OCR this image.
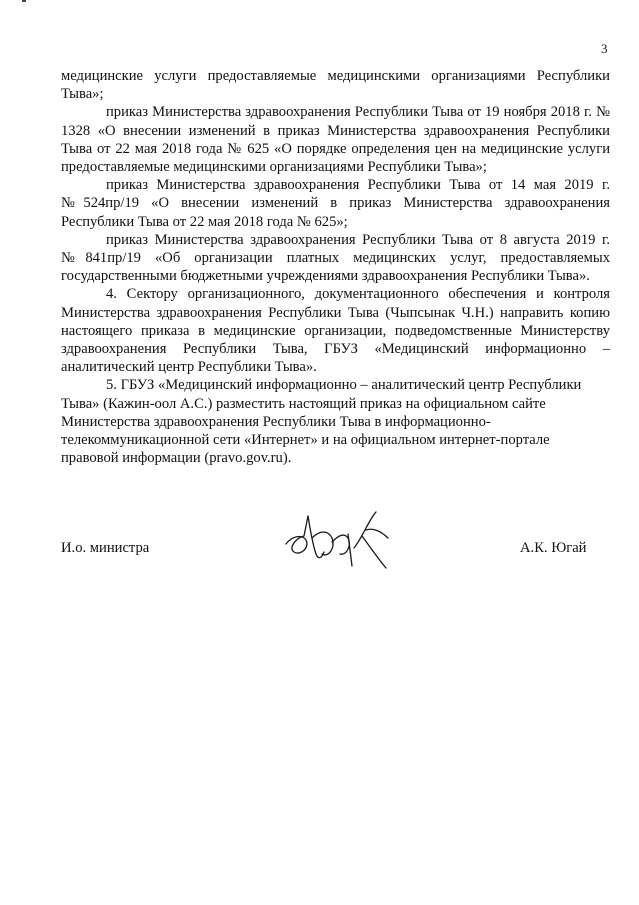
3

медицинские услуги предоставляемые медицинскими организациями Республики Тыва»;

приказ Министерства здравоохранения Республики Тыва от 19 ноября 2018 г. № 1328 «О внесении изменений в приказ Министерства здравоохранения Республики Тыва от 22 мая 2018 года № 625 «О порядке определения цен на медицинские услуги предоставляемые медицинскими организациями Республики Тыва»;

приказ Министерства здравоохранения Республики Тыва от 14 мая 2019 г. №524пр/19 «О внесении изменений в приказ Министерства здравоохранения Республики Тыва от 22 мая 2018 года № 625»;

приказ Министерства здравоохранения Республики Тыва от 8 августа 2019 г. №841пр/19 «Об организации платных медицинских услуг, предоставляемых государственными бюджетными учреждениями здравоохранения Республики Тыва».

4. Сектору организационного, документационного обеспечения и контроля Министерства здравоохранения Республики Тыва (Чыпсынак Ч.Н.) направить копию настоящего приказа в медицинские организации, подведомственные Министерству здравоохранения Республики Тыва, ГБУЗ «Медицинский информационно – аналитический центр Республики Тыва».

5. ГБУЗ «Медицинский информационно – аналитический центр Республики Тыва» (Кажин-оол А.С.) разместить настоящий приказ на официальном сайте Министерства здравоохранения Республики Тыва в информационно-телекоммуникационной сети «Интернет» и на официальном интернет-портале правовой информации (pravo.gov.ru).

И.о. министра	А.К. Югай
